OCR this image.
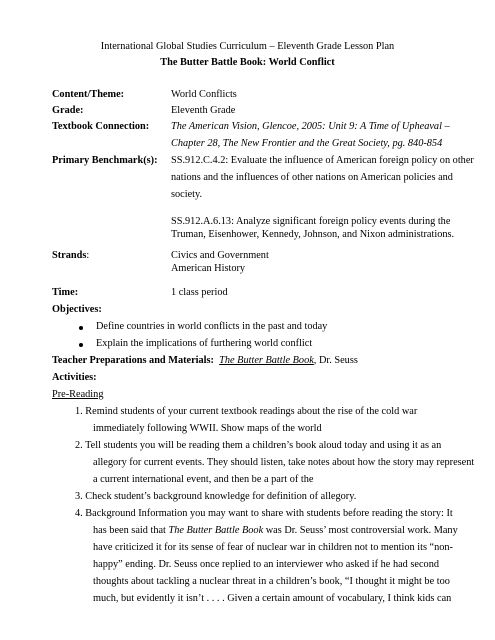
International Global Studies Curriculum – Eleventh Grade Lesson Plan
The Butter Battle Book: World Conflict
Content/Theme:	World Conflicts
Grade:	Eleventh Grade
Textbook Connection: The American Vision, Glencoe, 2005: Unit 9: A Time of Upheaval –
Chapter 28, The New Frontier and the Great Society, pg. 840-854
Primary Benchmark(s): SS.912.C.4.2: Evaluate the influence of American foreign policy on other
nations and the influences of other nations on American policies and
society.
SS.912.A.6.13: Analyze significant foreign policy events during the
Truman, Eisenhower, Kennedy, Johnson, and Nixon administrations.
Strands:	Civics and Government
American History
Time:	1 class period
Objectives:
Define countries in world conflicts in the past and today
Explain the implications of furthering world conflict
Teacher Preparations and Materials: The Butter Battle Book, Dr. Seuss
Activities:
Pre-Reading
1. Remind students of your current textbook readings about the rise of the cold war
immediately following WWII. Show maps of the world
2. Tell students you will be reading them a children’s book aloud today and using it as an
allegory for current events. They should listen, take notes about how the story may represent
a current international event, and then be a part of the
3. Check student’s background knowledge for definition of allegory.
4. Background Information you may want to share with students before reading the story: It
has been said that The Butter Battle Book was Dr. Seuss’ most controversial work. Many
have criticized it for its sense of fear of nuclear war in children not to mention its “non-
happy” ending. Dr. Seuss once replied to an interviewer who asked if he had second
thoughts about tackling a nuclear threat in a children’s book, “I thought it might be too
much, but evidently it isn’t . . . . Given a certain amount of vocabulary, I think kids can
